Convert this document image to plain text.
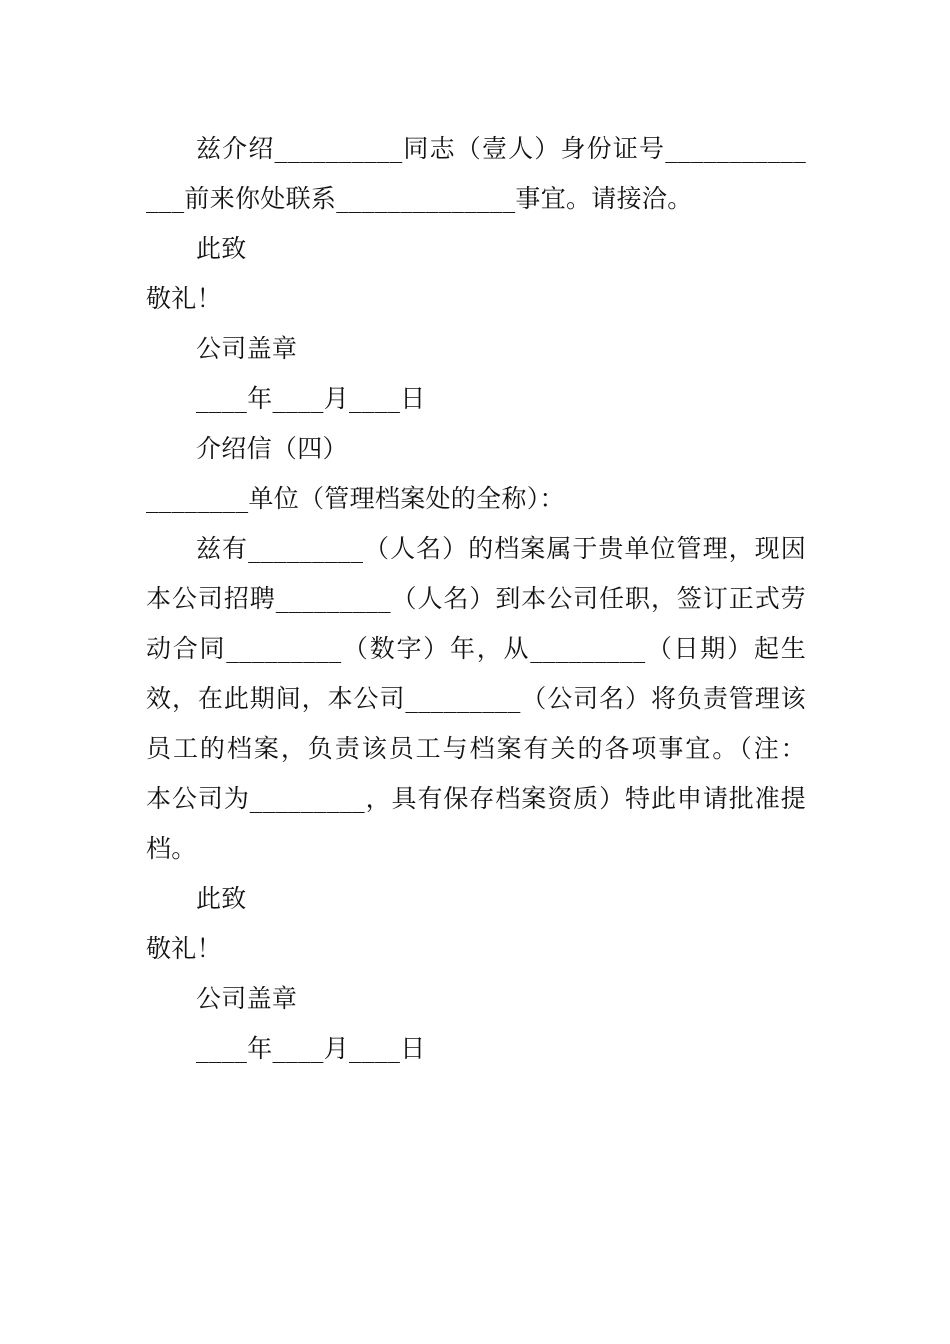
兹介绍__________同志（壹人）身份证号___________
___前来你处联系______________事宜。请接洽。
此致
敬礼！
公司盖章
____年____月____日
介绍信（四）
________单位（管理档案处的全称）：
兹有_________（人名）的档案属于贵单位管理，现因
本公司招聘_________（人名）到本公司任职，签订正式劳
动合同_________（数字）年，从_________（日期）起生
效，在此期间，本公司_________（公司名）将负责管理该
员工的档案，负责该员工与档案有关的各项事宜。（注：
本公司为_________，具有保存档案资质）特此申请批准提
档。
此致
敬礼！
公司盖章
____年____月____日
